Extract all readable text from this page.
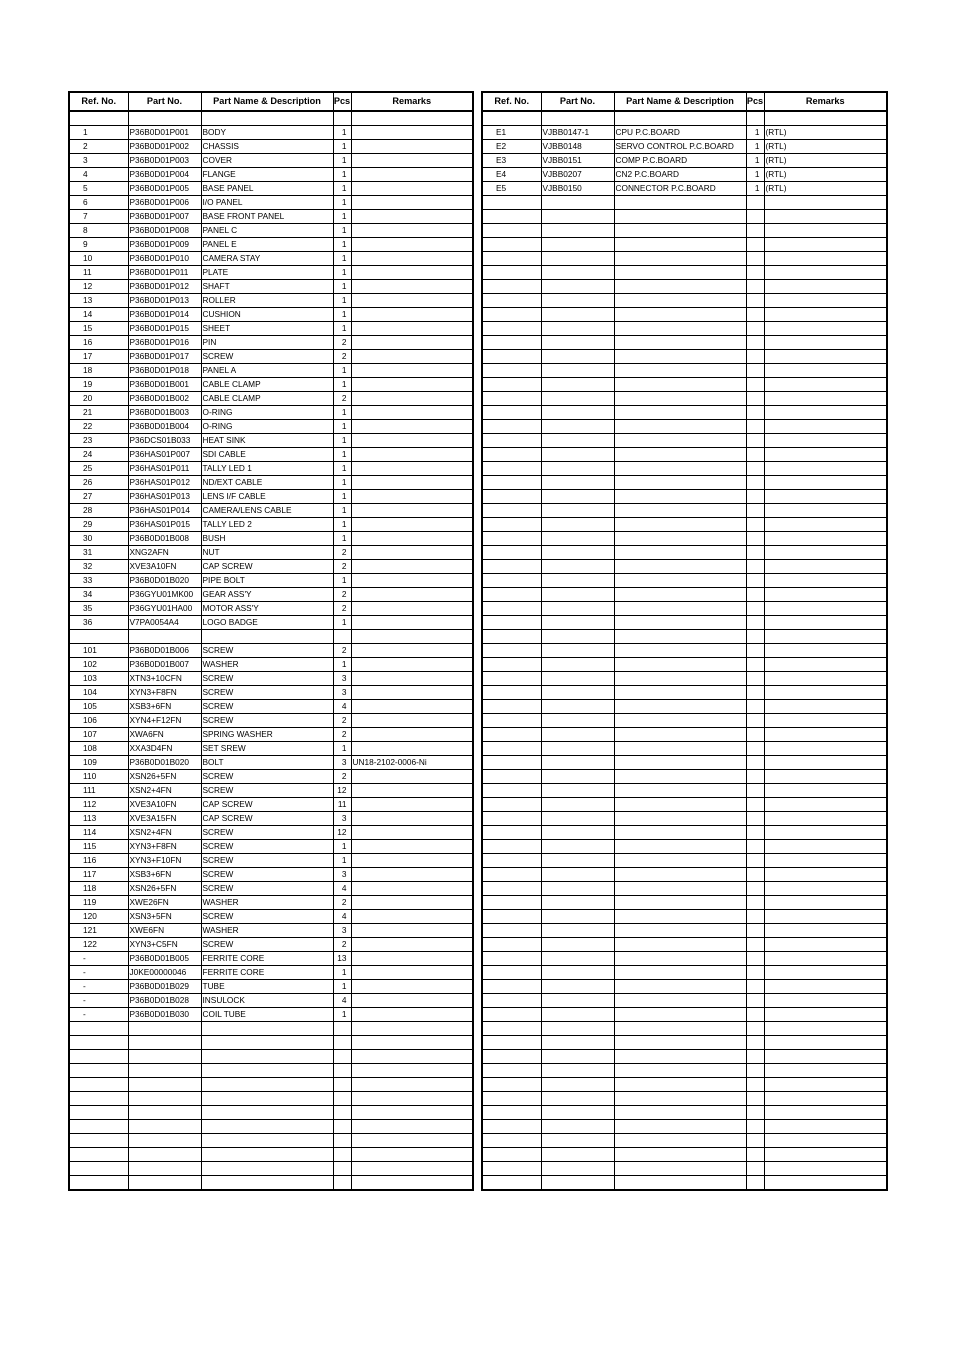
Ref. No.	Part No.	Part Name & Description	Pcs	Remarks

1	P36B0D01P001	BODY	1	
2	P36B0D01P002	CHASSIS	1	
3	P36B0D01P003	COVER	1	
4	P36B0D01P004	FLANGE	1	
5	P36B0D01P005	BASE PANEL	1	
6	P36B0D01P006	I/O PANEL	1	
7	P36B0D01P007	BASE FRONT PANEL	1	
8	P36B0D01P008	PANEL C	1	
9	P36B0D01P009	PANEL E	1	
10	P36B0D01P010	CAMERA STAY	1	
11	P36B0D01P011	PLATE	1	
12	P36B0D01P012	SHAFT	1	
13	P36B0D01P013	ROLLER	1	
14	P36B0D01P014	CUSHION	1	
15	P36B0D01P015	SHEET	1	
16	P36B0D01P016	PIN	2	
17	P36B0D01P017	SCREW	2	
18	P36B0D01P018	PANEL A	1	
19	P36B0D01B001	CABLE CLAMP	1	
20	P36B0D01B002	CABLE CLAMP	2	
21	P36B0D01B003	O-RING	1	
22	P36B0D01B004	O-RING	1	
23	P36DCS01B033	HEAT SINK	1	
24	P36HAS01P007	SDI CABLE	1	
25	P36HAS01P011	TALLY LED 1	1	
26	P36HAS01P012	ND/EXT CABLE	1	
27	P36HAS01P013	LENS I/F CABLE	1	
28	P36HAS01P014	CAMERA/LENS CABLE	1	
29	P36HAS01P015	TALLY LED 2	1	
30	P36B0D01B008	BUSH	1	
31	XNG2AFN	NUT	2	
32	XVE3A10FN	CAP SCREW	2	
33	P36B0D01B020	PIPE BOLT	1	
34	P36GYU01MK00	GEAR ASS'Y	2	
35	P36GYU01HA00	MOTOR ASS'Y	2	
36	V7PA0054A4	LOGO BADGE	1	

101	P36B0D01B006	SCREW	2	
102	P36B0D01B007	WASHER	1	
103	XTN3+10CFN	SCREW	3	
104	XYN3+F8FN	SCREW	3	
105	XSB3+6FN	SCREW	4	
106	XYN4+F12FN	SCREW	2	
107	XWA6FN	SPRING WASHER	2	
108	XXA3D4FN	SET SREW	1	
109	P36B0D01B020	BOLT	3	UN18-2102-0006-Ni
110	XSN26+5FN	SCREW	2	
111	XSN2+4FN	SCREW	12	
112	XVE3A10FN	CAP SCREW	11	
113	XVE3A15FN	CAP SCREW	3	
114	XSN2+4FN	SCREW	12	
115	XYN3+F8FN	SCREW	1	
116	XYN3+F10FN	SCREW	1	
117	XSB3+6FN	SCREW	3	
118	XSN26+5FN	SCREW	4	
119	XWE26FN	WASHER	2	
120	XSN3+5FN	SCREW	4	
121	XWE6FN	WASHER	3	
122	XYN3+C5FN	SCREW	2	
-	P36B0D01B005	FERRITE CORE	13	
-	J0KE00000046	FERRITE CORE	1	
-	P36B0D01B029	TUBE	1	
-	P36B0D01B028	INSULOCK	4	
-	P36B0D01B030	COIL TUBE	1	

Ref. No.	Part No.	Part Name & Description	Pcs	Remarks

E1	VJBB0147-1	CPU P.C.BOARD	1	(RTL)
E2	VJBB0148	SERVO CONTROL P.C.BOARD	1	(RTL)
E3	VJBB0151	COMP P.C.BOARD	1	(RTL)
E4	VJBB0207	CN2 P.C.BOARD	1	(RTL)
E5	VJBB0150	CONNECTOR P.C.BOARD	1	(RTL)
